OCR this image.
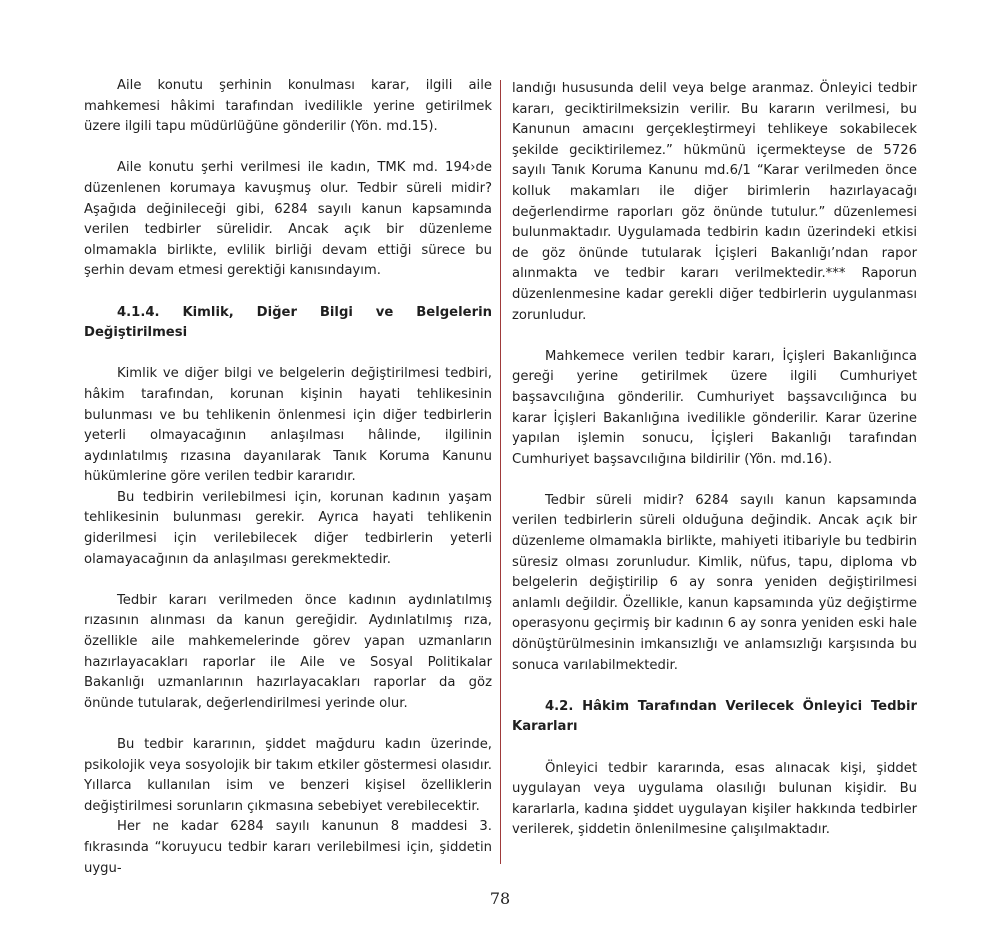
Aile konutu şerhinin konulması karar, ilgili aile mahkemesi hâkimi tarafından ivedilikle yerine getirilmek üzere ilgili tapu müdürlüğüne gönderilir (Yön. md.15).

Aile konutu şerhi verilmesi ile kadın, TMK md. 194›de düzenlenen korumaya kavuşmuş olur. Tedbir süreli midir? Aşağıda değinileceği gibi, 6284 sayılı kanun kapsamında verilen tedbirler sürelidir. Ancak açık bir düzenleme olmamakla birlikte, evlilik birliği devam ettiği sürece bu şerhin devam etmesi gerektiği kanısındayım.

4.1.4. Kimlik, Diğer Bilgi ve Belgelerin Değiştirilmesi

Kimlik ve diğer bilgi ve belgelerin değiştirilmesi tedbiri, hâkim tarafından, korunan kişinin hayati tehlikesinin bulunması ve bu tehlikenin önlenmesi için diğer tedbirlerin yeterli olmayacağının anlaşılması hâlinde, ilgilinin aydınlatılmış rızasına dayanılarak Tanık Koruma Kanunu hükümlerine göre verilen tedbir kararıdır.

Bu tedbirin verilebilmesi için, korunan kadının yaşam tehlikesinin bulunması gerekir. Ayrıca hayati tehlikenin giderilmesi için verilebilecek diğer tedbirlerin yeterli olamayacağının da anlaşılması gerekmektedir.

Tedbir kararı verilmeden önce kadının aydınlatılmış rızasının alınması da kanun gereğidir. Aydınlatılmış rıza, özellikle aile mahkemelerinde görev yapan uzmanların hazırlayacakları raporlar ile Aile ve Sosyal Politikalar Bakanlığı uzmanlarının hazırlayacakları raporlar da göz önünde tutularak, değerlendirilmesi yerinde olur.

Bu tedbir kararının, şiddet mağduru kadın üzerinde, psikolojik veya sosyolojik bir takım etkiler göstermesi olasıdır. Yıllarca kullanılan isim ve benzeri kişisel özelliklerin değiştirilmesi sorunların çıkmasına sebebiyet verebilecektir.

Her ne kadar 6284 sayılı kanunun 8 maddesi 3. fıkrasında “koruyucu tedbir kararı verilebilmesi için, şiddetin uygu-

landığı hususunda delil veya belge aranmaz. Önleyici tedbir kararı, geciktirilmeksizin verilir. Bu kararın verilmesi, bu Kanunun amacını gerçekleştirmeyi tehlikeye sokabilecek şekilde geciktirilemez.” hükmünü içermekteyse de 5726 sayılı Tanık Koruma Kanunu md.6/1 “Karar verilmeden önce kolluk makamları ile diğer birimlerin hazırlayacağı değerlendirme raporları göz önünde tutulur.” düzenlemesi bulunmaktadır. Uygulamada tedbirin kadın üzerindeki etkisi de göz önünde tutularak İçişleri Bakanlığı’ndan rapor alınmakta ve tedbir kararı verilmektedir.*** Raporun düzenlenmesine kadar gerekli diğer tedbirlerin uygulanması zorunludur.

Mahkemece verilen tedbir kararı, İçişleri Bakanlığınca gereği yerine getirilmek üzere ilgili Cumhuriyet başsavcılığına gönderilir. Cumhuriyet başsavcılığınca bu karar İçişleri Bakanlığına ivedilikle gönderilir. Karar üzerine yapılan işlemin sonucu, İçişleri Bakanlığı tarafından Cumhuriyet başsavcılığına bildirilir (Yön. md.16).

Tedbir süreli midir? 6284 sayılı kanun kapsamında verilen tedbirlerin süreli olduğuna değindik. Ancak açık bir düzenleme olmamakla birlikte, mahiyeti itibariyle bu tedbirin süresiz olması zorunludur. Kimlik, nüfus, tapu, diploma vb belgelerin değiştirilip 6 ay sonra yeniden değiştirilmesi anlamlı değildir. Özellikle, kanun kapsamında yüz değiştirme operasyonu geçirmiş bir kadının 6 ay sonra yeniden eski hale dönüştürülmesinin imkansızlığı ve anlamsızlığı karşısında bu sonuca varılabilmektedir.

4.2. Hâkim Tarafından Verilecek Önleyici Tedbir Kararları

Önleyici tedbir kararında, esas alınacak kişi, şiddet uygulayan veya uygulama olasılığı bulunan kişidir. Bu kararlarla, kadına şiddet uygulayan kişiler hakkında tedbirler verilerek, şiddetin önlenilmesine çalışılmaktadır.

78
